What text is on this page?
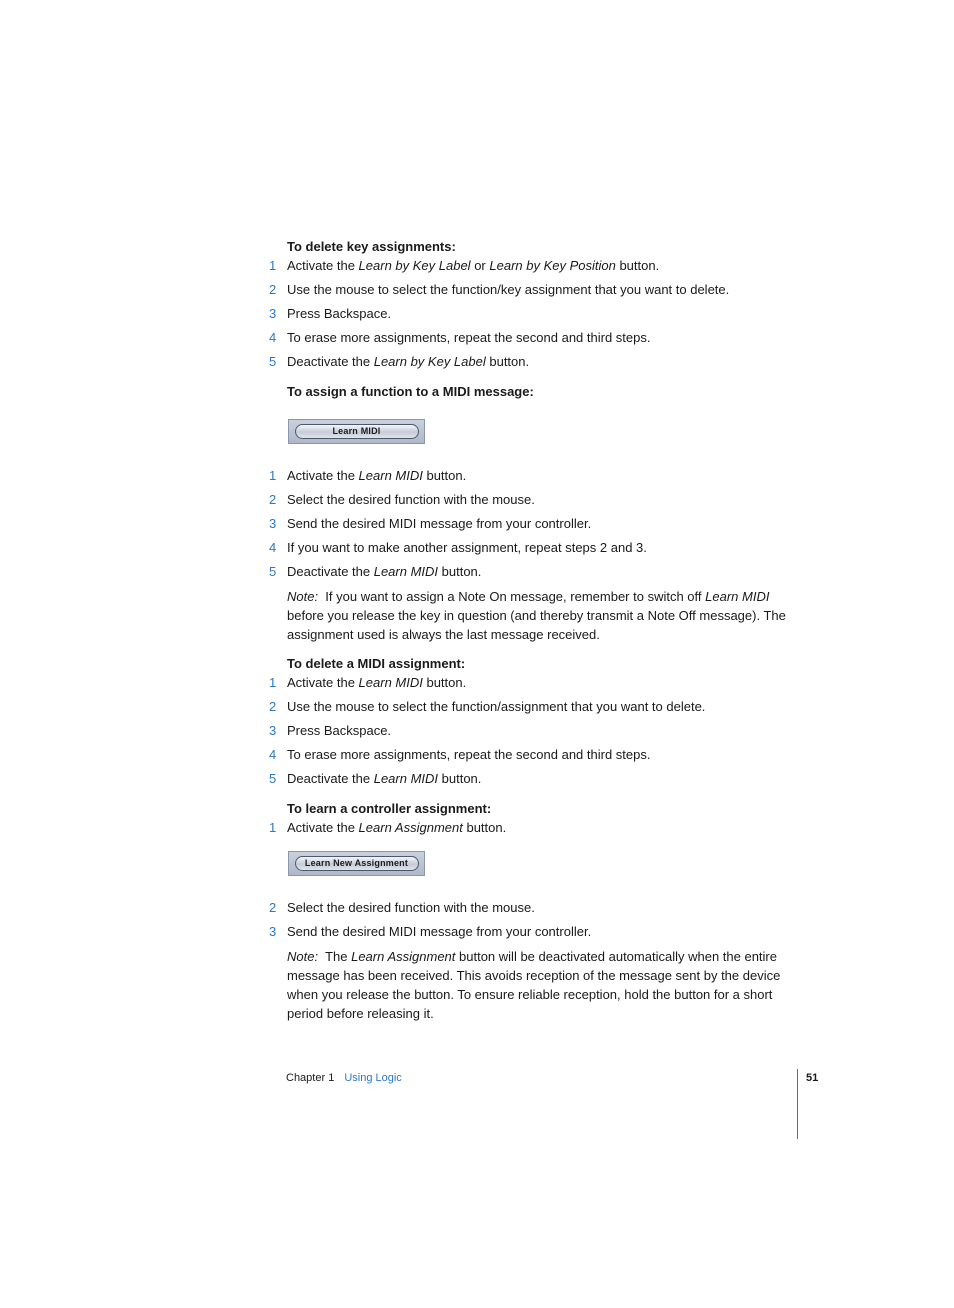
To delete key assignments:

1 Activate the Learn by Key Label or Learn by Key Position button.

2 Use the mouse to select the function/key assignment that you want to delete.

3 Press Backspace.

4 To erase more assignments, repeat the second and third steps.

5 Deactivate the Learn by Key Label button.

To assign a function to a MIDI message:

Learn MIDI

1 Activate the Learn MIDI button.

2 Select the desired function with the mouse.

3 Send the desired MIDI message from your controller.

4 If you want to make another assignment, repeat steps 2 and 3.

5 Deactivate the Learn MIDI button.

Note:  If you want to assign a Note On message, remember to switch off Learn MIDI before you release the key in question (and thereby transmit a Note Off message). The assignment used is always the last message received.

To delete a MIDI assignment:

1 Activate the Learn MIDI button.

2 Use the mouse to select the function/assignment that you want to delete.

3 Press Backspace.

4 To erase more assignments, repeat the second and third steps.

5 Deactivate the Learn MIDI button.

To learn a controller assignment:

1 Activate the Learn Assignment button.

Learn New Assignment

2 Select the desired function with the mouse.

3 Send the desired MIDI message from your controller.

Note:  The Learn Assignment button will be deactivated automatically when the entire message has been received. This avoids reception of the message sent by the device when you release the button. To ensure reliable reception, hold the button for a short period before releasing it.

Chapter 1 Using Logic	51
